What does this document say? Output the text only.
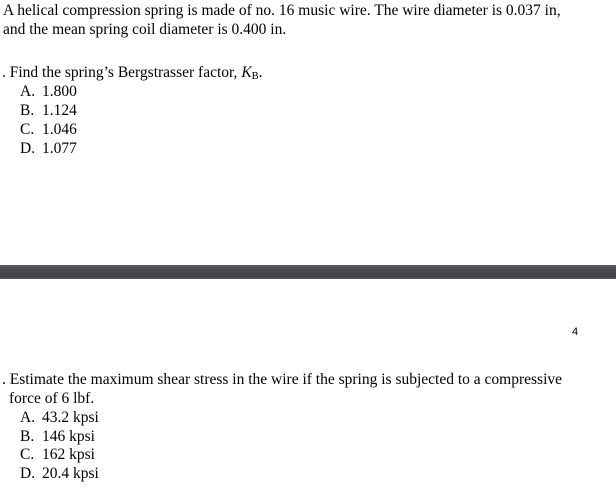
A helical compression spring is made of no. 16 music wire. The wire diameter is 0.037 in,
and the mean spring coil diameter is 0.400 in.
. Find the spring’s Bergstrasser factor, $K_B$.
A. 1.800
B. 1.124
C. 1.046
D. 1.077
4
. Estimate the maximum shear stress in the wire if the spring is subjected to a compressive
force of 6 lbf.
A. 43.2 kpsi
B. 146 kpsi
C. 162 kpsi
D. 20.4 kpsi
